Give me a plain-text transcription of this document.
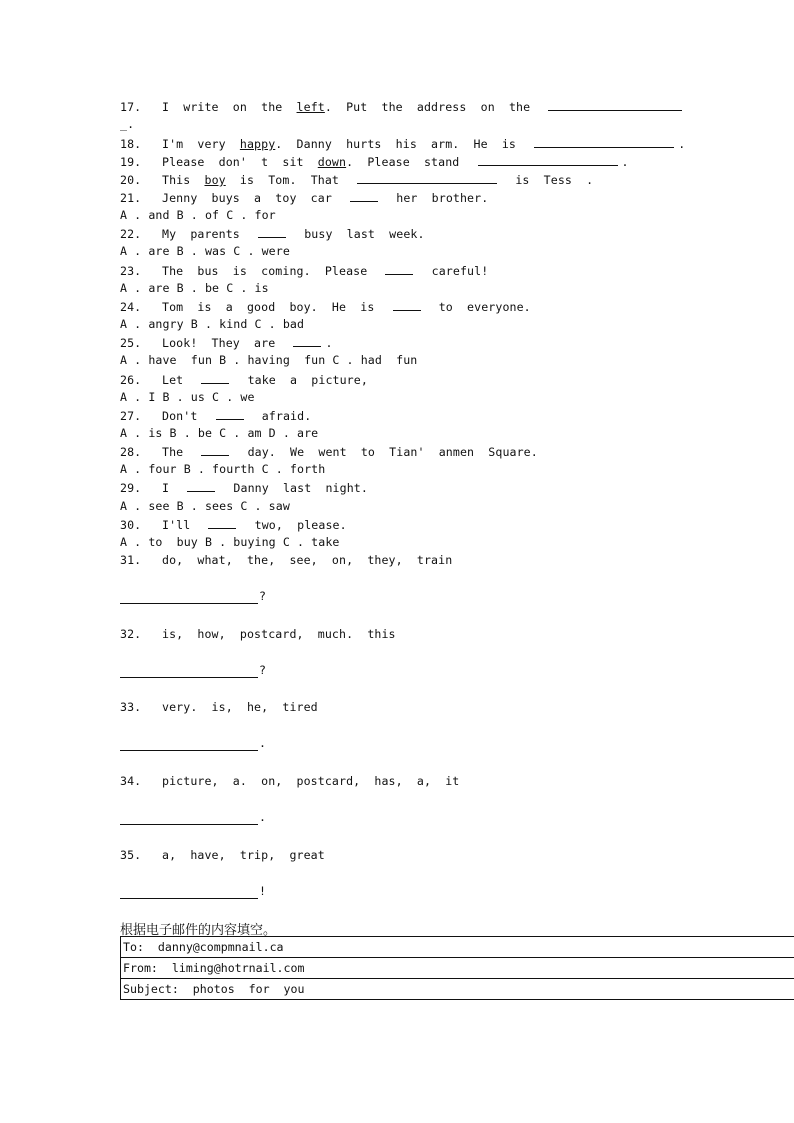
17. I  write  on  the  left.  Put  the  address  on  the
_.
18. I'm  very  happy.  Danny  hurts  his  arm.  He  is	.
19. Please  don'  t  sit  down.  Please  stand	.
20. This  boy  is  Tom.  That	is  Tess  .
21. Jenny  buys  a  toy  car	her  brother.
A . and B . of C . for
22. My  parents	busy  last  week.
A . are B . was C . were
23. The  bus  is  coming.  Please	careful!
A . are B . be C . is
24. Tom  is  a  good  boy.  He  is	to  everyone.
A . angry B . kind C . bad
25. Look!  They  are	.
A . have  fun B . having  fun C . had  fun
26. Let	take  a  picture,
A . I B . us C . we
27. Don't	afraid.
A . is B . be C . am D . are
28. The	day.  We  went  to  Tian'  anmen  Square.
A . four B . fourth C . forth
29. I	Danny  last  night.
A . see B . sees C . saw
30. I'll	two,  please.
A . to  buy B . buying C . take
31. do,  what,  the,  see,  on,  they,  train
?
32. is,  how,  postcard,  much.  this
?
33. very.  is,  he,  tired
.
34. picture,  a.  on,  postcard,  has,  a,  it
.
35. a,  have,  trip,  great
!
根据电子邮件的内容填空。
To:  danny@compmnail.ca
From:  liming@hotrnail.com
Subject:  photos  for  you
